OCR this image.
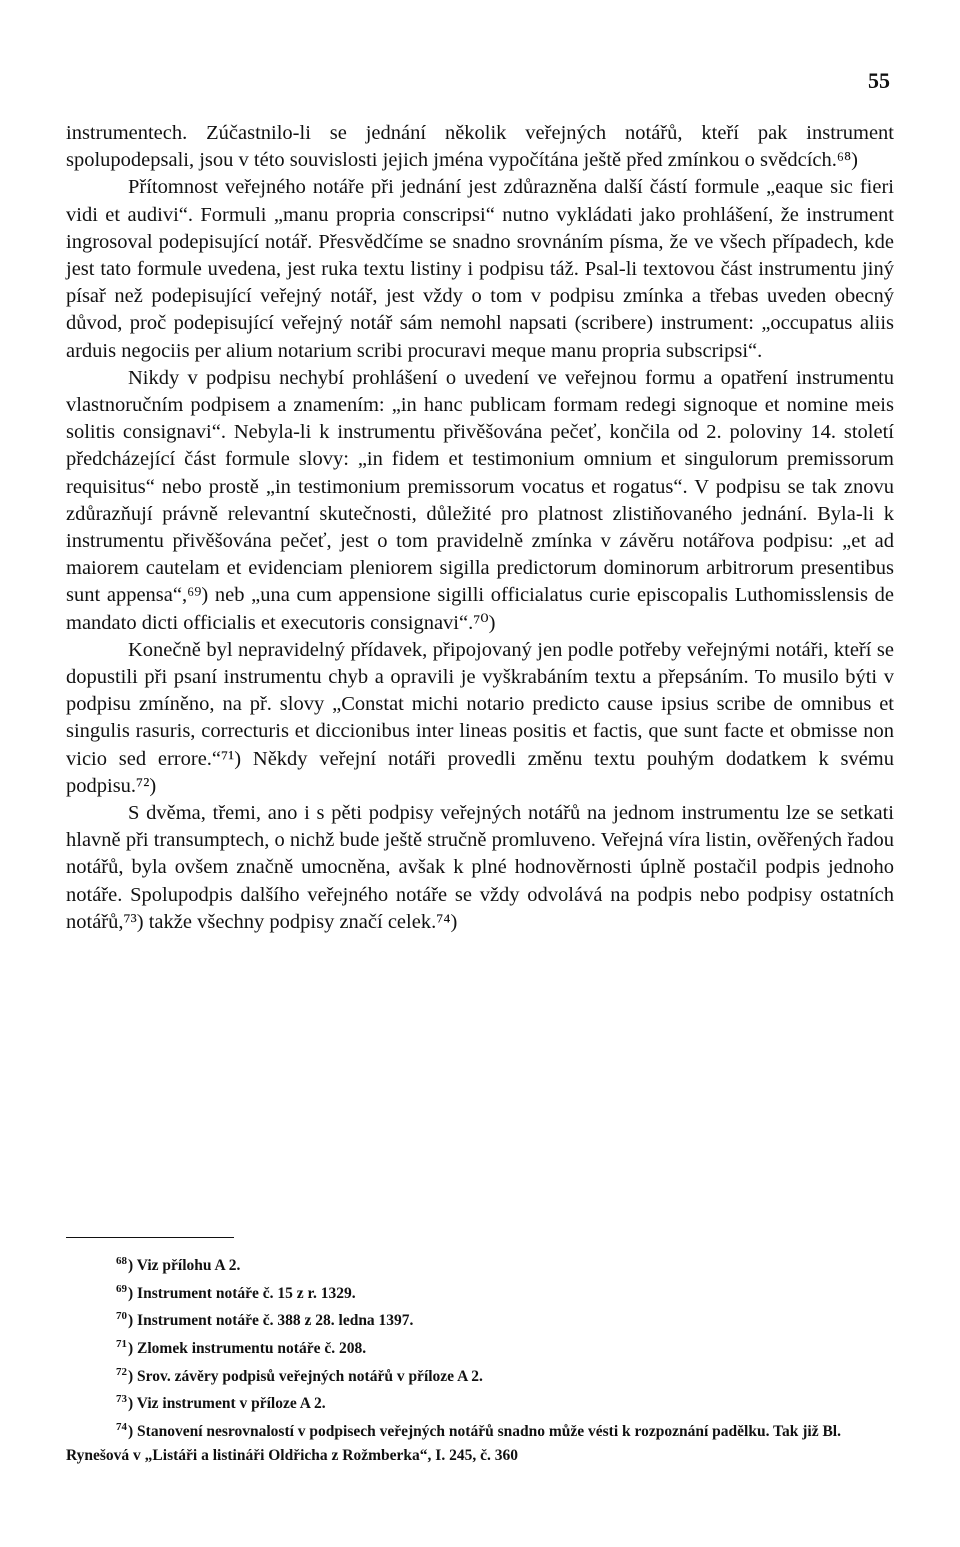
55

instrumentech. Zúčastnilo-li se jednání několik veřejných notářů, kteří pak instrument spolupodepsali, jsou v této souvislosti jejich jména vypočítána ještě před zmínkou o svědcích.⁶⁸)

Přítomnost veřejného notáře při jednání jest zdůrazněna další částí formule „eaque sic fieri vidi et audivi“. Formuli „manu propria conscripsi“ nutno vykládati jako prohlášení, že instrument ingrosoval podepisující notář. Přesvědčíme se snadno srovnáním písma, že ve všech případech, kde jest tato formule uvedena, jest ruka textu listiny i podpisu táž. Psal-li textovou část instrumentu jiný písař než podepisující veřejný notář, jest vždy o tom v podpisu zmínka a třebas uveden obecný důvod, proč podepisující veřejný notář sám nemohl napsati (scribere) instrument: „occupatus aliis arduis negociis per alium notarium scribi procuravi meque manu propria subscripsi“.

Nikdy v podpisu nechybí prohlášení o uvedení ve veřejnou formu a opatření instrumentu vlastnoručním podpisem a znamením: „in hanc publicam formam redegi signoque et nomine meis solitis consignavi“. Nebyla-li k instrumentu přivěšována pečeť, končila od 2. poloviny 14. století předcházející část formule slovy: „in fidem et testimonium omnium et singulorum premissorum requisitus“ nebo prostě „in testimonium premissorum vocatus et rogatus“. V podpisu se tak znovu zdůrazňují právně relevantní skutečnosti, důležité pro platnost zlistiňovaného jednání. Byla-li k instrumentu přivěšována pečeť, jest o tom pravidelně zmínka v závěru notářova podpisu: „et ad maiorem cautelam et evidenciam pleniorem sigilla predictorum dominorum arbitrorum presentibus sunt appensa“,⁶⁹) neb „una cum appensione sigilli officialatus curie episcopalis Luthomisslensis de mandato dicti officialis et executoris consignavi“.⁷⁰)

Konečně byl nepravidelný přídavek, připojovaný jen podle potřeby veřejnými notáři, kteří se dopustili při psaní instrumentu chyb a opravili je vyškrabáním textu a přepsáním. To musilo býti v podpisu zmíněno, na př. slovy „Constat michi notario predicto cause ipsius scribe de omnibus et singulis rasuris, correcturis et diccionibus inter lineas positis et factis, que sunt facte et obmisse non vicio sed errore.“⁷¹) Někdy veřejní notáři provedli změnu textu pouhým dodatkem k svému podpisu.⁷²)

S dvěma, třemi, ano i s pěti podpisy veřejných notářů na jednom instrumentu lze se setkati hlavně při transumptech, o nichž bude ještě stručně promluveno. Veřejná víra listin, ověřených řadou notářů, byla ovšem značně umocněna, avšak k plné hodnověrnosti úplně postačil podpis jednoho notáře. Spolupodpis dalšího veřejného notáře se vždy odvolává na podpis nebo podpisy ostatních notářů,⁷³) takže všechny podpisy značí celek.⁷⁴)

$^{68}$) Viz přílohu A 2.

$^{69}$) Instrument notáře č. 15 z r. 1329.

$^{70}$) Instrument notáře č. 388 z 28. ledna 1397.

$^{71}$) Zlomek instrumentu notáře č. 208.

$^{72}$) Srov. závěry podpisů veřejných notářů v příloze A 2.

$^{73}$) Viz instrument v příloze A 2.

$^{74}$) Stanovení nesrovnalostí v podpisech veřejných notářů snadno může vésti k rozpoznání padělku. Tak již Bl. Rynešová v „Listáři a listináři Oldřicha z Rožmberka“, I. 245, č. 360
